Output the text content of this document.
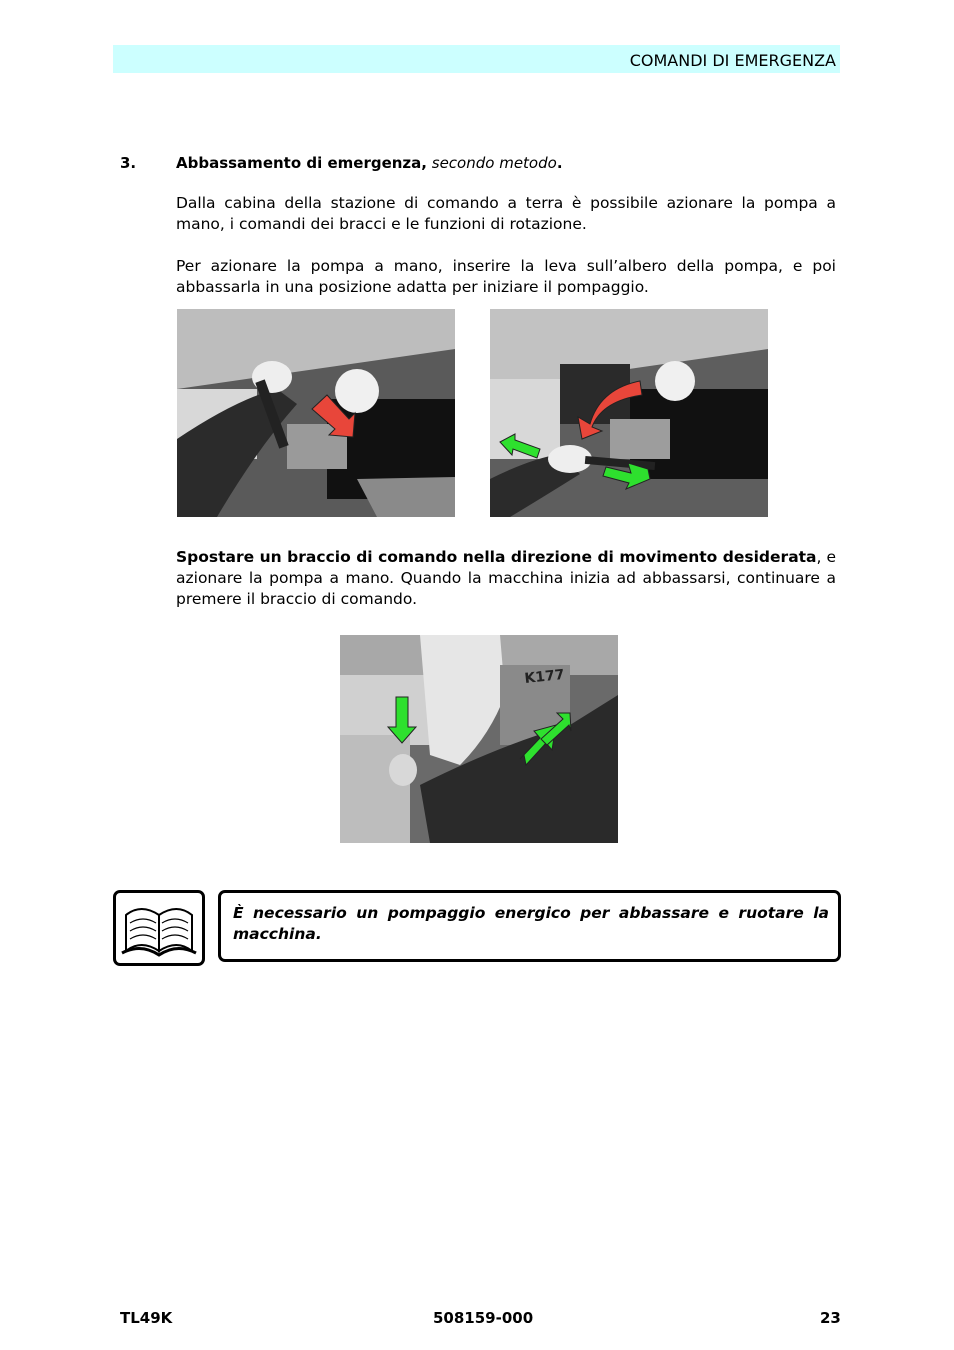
COMANDI DI EMERGENZA
3.	Abbassamento di emergenza, secondo metodo.
Dalla cabina della stazione di comando a terra è possibile azionare la pompa a mano, i comandi dei bracci e le funzioni di rotazione.
Per azionare la pompa a mano, inserire la leva sull’albero della pompa, e poi abbassarla in una posizione adatta per iniziare il pompaggio.
Spostare un braccio di comando nella direzione di movimento desiderata, e azionare la pompa a mano. Quando la macchina inizia ad abbassarsi, continuare a premere il braccio di comando.
K177
È necessario un pompaggio energico per abbassare e ruotare la macchina.
TL49K	508159-000	23
